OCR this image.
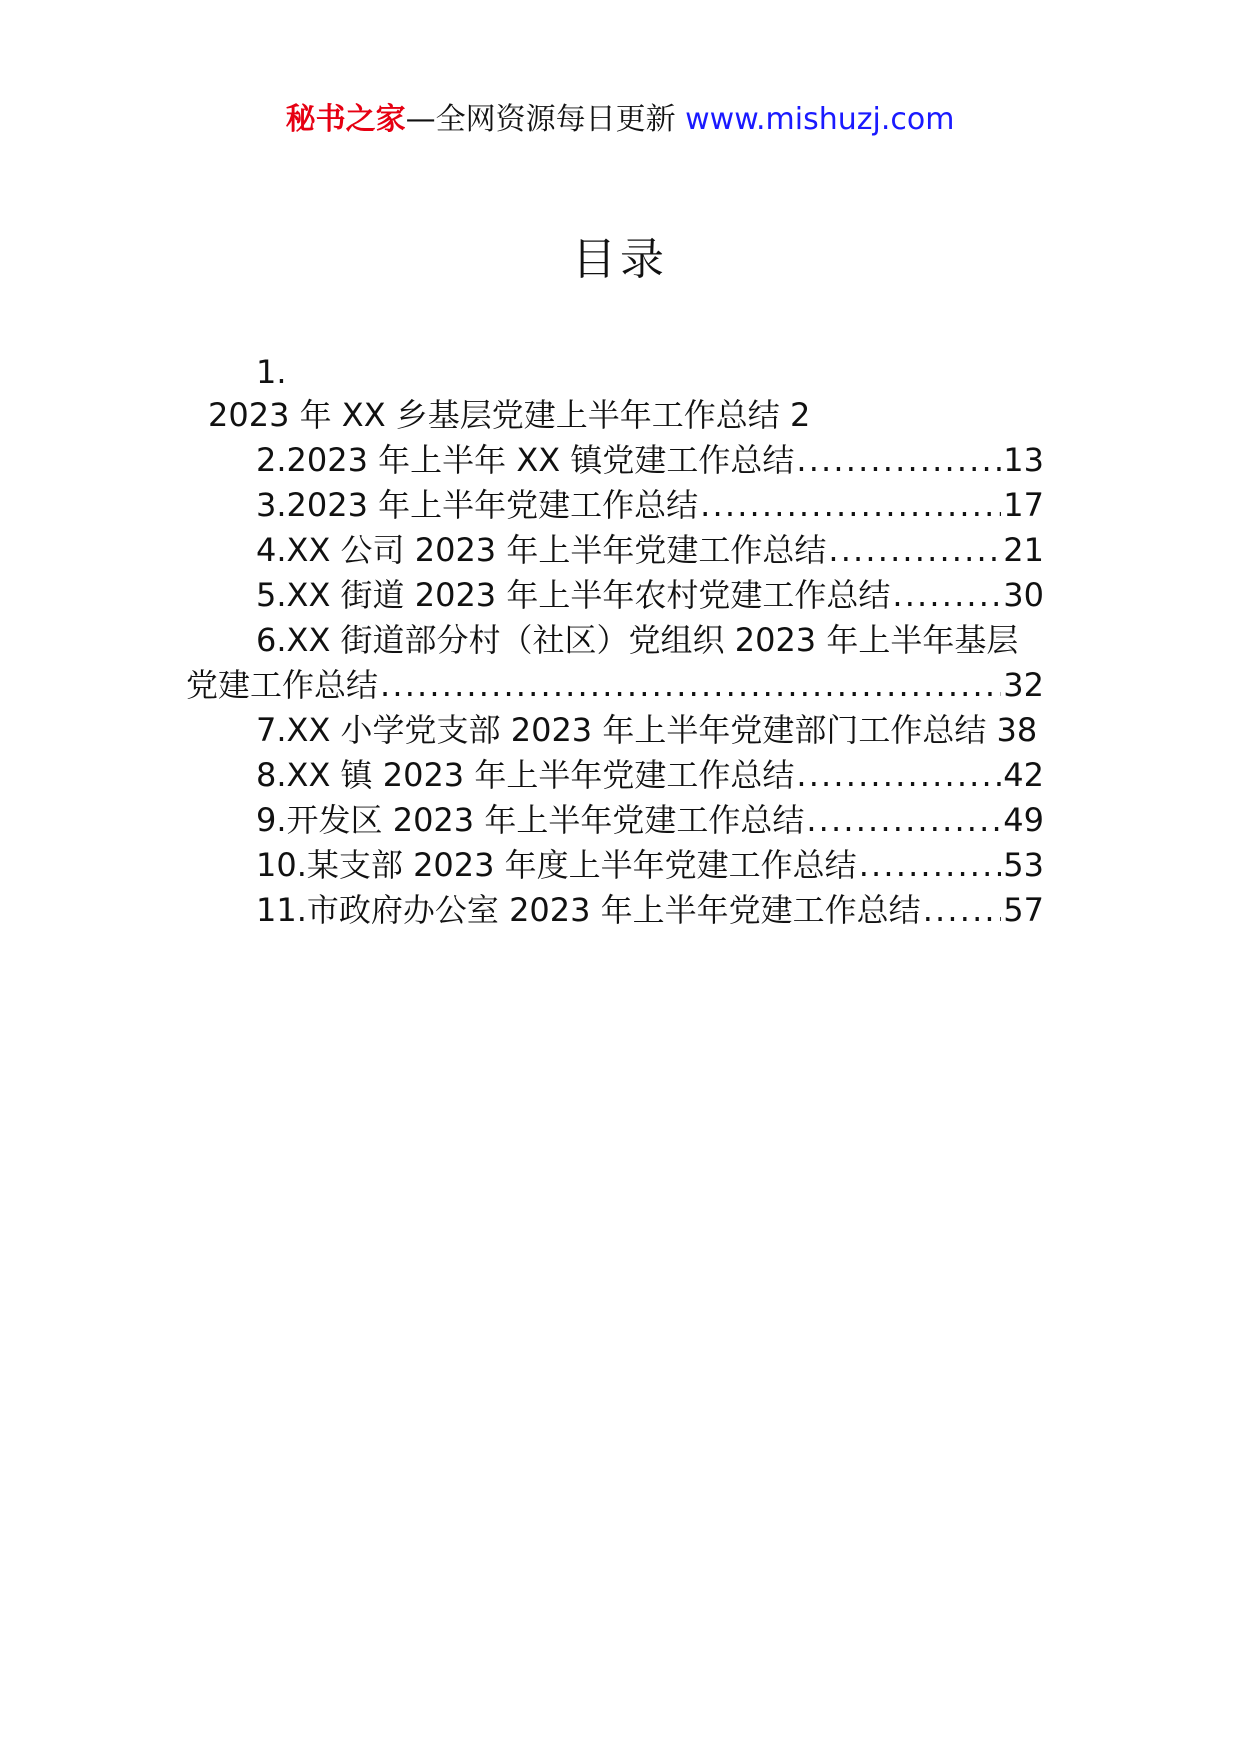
秘书之家—全网资源每日更新 www.mishuzj.com
目录
1.
2023 年 XX 乡基层党建上半年工作总结 2
2.2023 年上半年 XX 镇党建工作总结 . . .	13
3.2023 年上半年党建工作总结 . . .	17
4.XX 公司 2023 年上半年党建工作总结 . . .	21
5.XX 街道 2023 年上半年农村党建工作总结 . . .	30
6.XX 街道部分村（社区）党组织 2023 年上半年基层
党建工作总结 . . .	32
7.XX 小学党支部 2023 年上半年党建部门工作总结 38
8.XX 镇 2023 年上半年党建工作总结 . . .	42
9.开发区 2023 年上半年党建工作总结 . . .	49
10.某支部 2023 年度上半年党建工作总结 . . .	53
11.市政府办公室 2023 年上半年党建工作总结 . . .	57
